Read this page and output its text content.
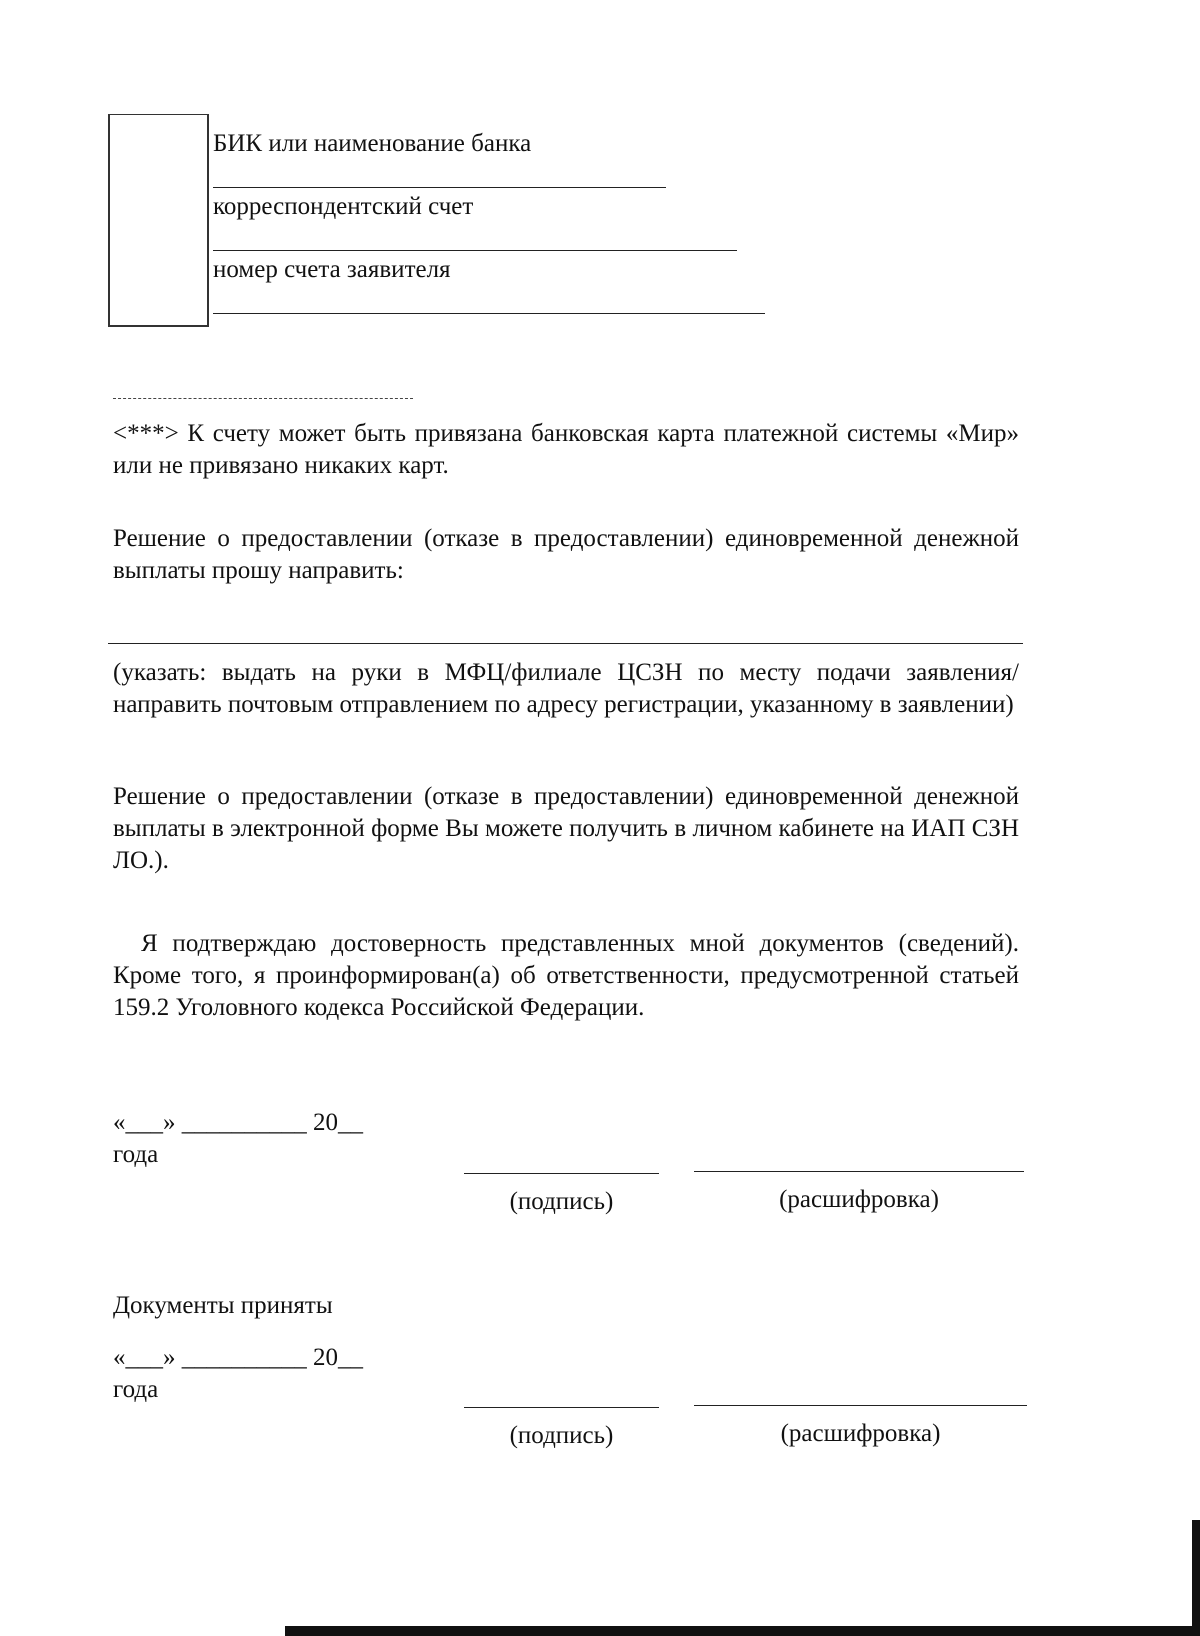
БИК или наименование банка
корреспондентский счет
номер счета заявителя
<***> К счету может быть привязана банковская карта платежной системы «Мир» или не привязано никаких карт.
Решение о предоставлении (отказе в предоставлении) единовременной денежной выплаты прошу направить:
(указать: выдать на руки в МФЦ/филиале ЦСЗН по месту подачи заявления/направить почтовым отправлением по адресу регистрации, указанному в заявлении)
Решение о предоставлении (отказе в предоставлении) единовременной денежной выплаты в электронной форме Вы можете получить в личном кабинете на ИАП СЗН ЛО.).
Я подтверждаю достоверность представленных мной документов (сведений). Кроме того, я проинформирован(а) об ответственности, предусмотренной статьей 159.2 Уголовного кодекса Российской Федерации.
«___» __________ 20__
года
(подпись)	(расшифровка)
Документы приняты
«___» __________ 20__
года
(подпись)	(расшифровка)
